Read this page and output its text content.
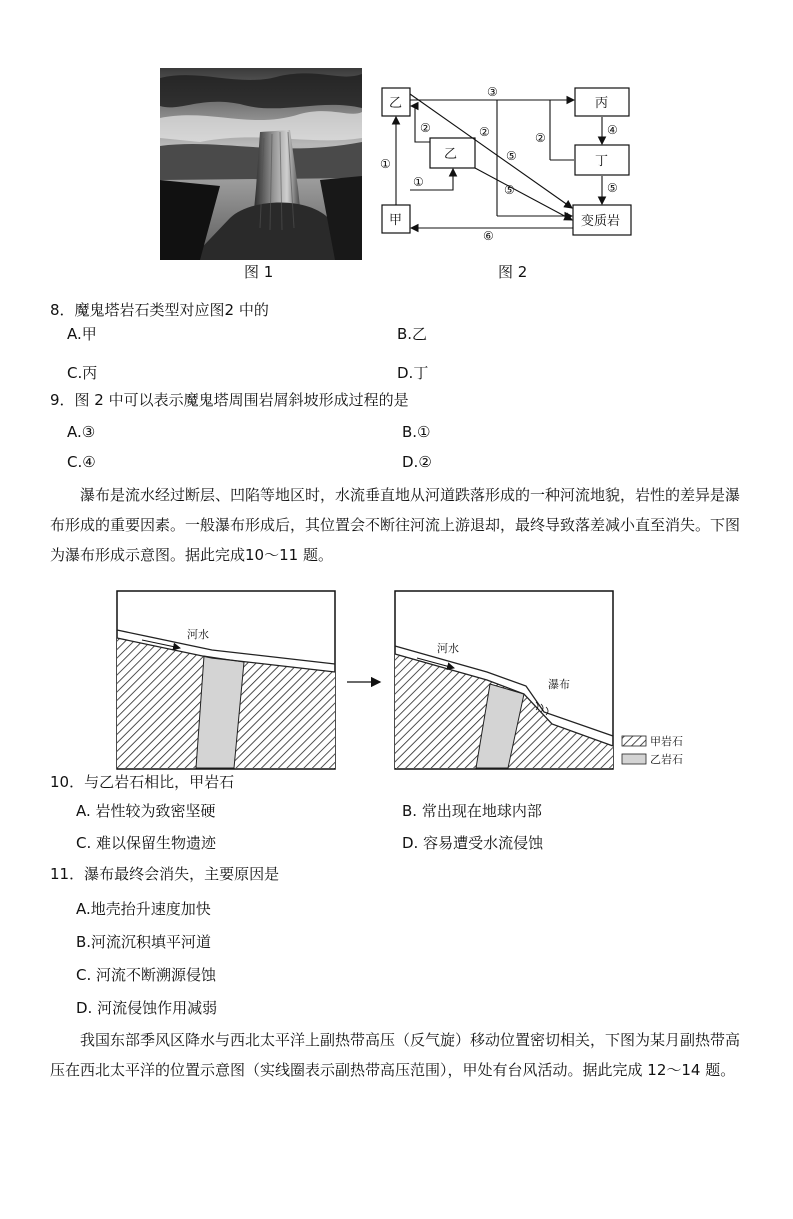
图 1
乙
乙
甲
丙
丁
变质岩
①
①
②	②	②
③
④
⑤
⑤
⑤
⑥
图 2
8．魔鬼塔岩石类型对应图2 中的
A.甲	B.乙
C.丙	D.丁
9．图 2 中可以表示魔鬼塔周围岩屑斜坡形成过程的是
A.③	B.①
C.④	D.②
瀑布是流水经过断层、凹陷等地区时，水流垂直地从河道跌落形成的一种河流地貌，岩性的差异是瀑布形成的重要因素。一般瀑布形成后，其位置会不断往河流上游退却，最终导致落差减小直至消失。下图为瀑布形成示意图。据此完成10～11 题。
河水
河水
瀑布
甲岩石
乙岩石
10．与乙岩石相比，甲岩石
A. 岩性较为致密坚硬	B. 常出现在地球内部
C. 难以保留生物遗迹	D. 容易遭受水流侵蚀
11．瀑布最终会消失，主要原因是
A.地壳抬升速度加快
B.河流沉积填平河道
C. 河流不断溯源侵蚀
D. 河流侵蚀作用减弱
我国东部季风区降水与西北太平洋上副热带高压（反气旋）移动位置密切相关，下图为某月副热带高压在西北太平洋的位置示意图（实线圈表示副热带高压范围），甲处有台风活动。据此完成 12～14 题。
